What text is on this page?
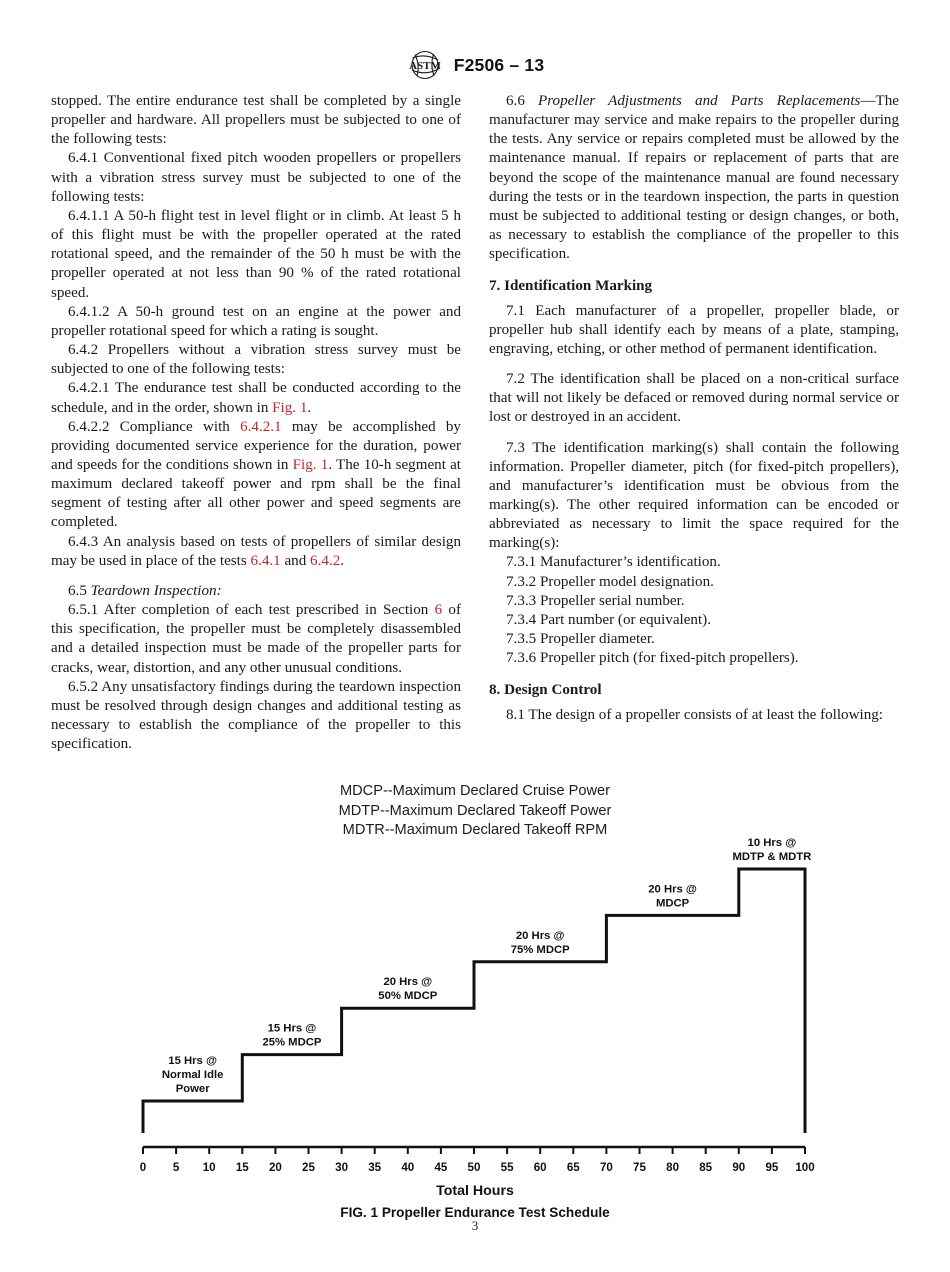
ASTM F2506 – 13

stopped. The entire endurance test shall be completed by a single propeller and hardware. All propellers must be subjected to one of the following tests:

6.4.1 Conventional fixed pitch wooden propellers or propellers with a vibration stress survey must be subjected to one of the following tests:

6.4.1.1 A 50-h flight test in level flight or in climb. At least 5 h of this flight must be with the propeller operated at the rated rotational speed, and the remainder of the 50 h must be with the propeller operated at not less than 90 % of the rated rotational speed.

6.4.1.2 A 50-h ground test on an engine at the power and propeller rotational speed for which a rating is sought.

6.4.2 Propellers without a vibration stress survey must be subjected to one of the following tests:

6.4.2.1 The endurance test shall be conducted according to the schedule, and in the order, shown in Fig. 1.

6.4.2.2 Compliance with 6.4.2.1 may be accomplished by providing documented service experience for the duration, power and speeds for the conditions shown in Fig. 1. The 10-h segment at maximum declared takeoff power and rpm shall be the final segment of testing after all other power and speed segments are completed.

6.4.3 An analysis based on tests of propellers of similar design may be used in place of the tests 6.4.1 and 6.4.2.

6.5 Teardown Inspection:

6.5.1 After completion of each test prescribed in Section 6 of this specification, the propeller must be completely disassembled and a detailed inspection must be made of the propeller parts for cracks, wear, distortion, and any other unusual conditions.

6.5.2 Any unsatisfactory findings during the teardown inspection must be resolved through design changes and additional testing as necessary to establish the compliance of the propeller to this specification.

6.6 Propeller Adjustments and Parts Replacements—The manufacturer may service and make repairs to the propeller during the tests. Any service or repairs completed must be allowed by the maintenance manual. If repairs or replacement of parts that are beyond the scope of the maintenance manual are found necessary during the tests or in the teardown inspection, the parts in question must be subjected to additional testing or design changes, or both, as necessary to establish the compliance of the propeller to this specification.

7. Identification Marking

7.1 Each manufacturer of a propeller, propeller blade, or propeller hub shall identify each by means of a plate, stamping, engraving, etching, or other method of permanent identification.

7.2 The identification shall be placed on a non-critical surface that will not likely be defaced or removed during normal service or lost or destroyed in an accident.

7.3 The identification marking(s) shall contain the following information. Propeller diameter, pitch (for fixed-pitch propellers), and manufacturer’s identification must be obvious from the marking(s). The other required information can be encoded or abbreviated as necessary to limit the space required for the marking(s):

7.3.1 Manufacturer’s identification.

7.3.2 Propeller model designation.

7.3.3 Propeller serial number.

7.3.4 Part number (or equivalent).

7.3.5 Propeller diameter.

7.3.6 Propeller pitch (for fixed-pitch propellers).

8. Design Control

8.1 The design of a propeller consists of at least the following:

MDCP--Maximum Declared Cruise Power
MDTP--Maximum Declared Takeoff Power
MDTR--Maximum Declared Takeoff RPM
0 5 10 15 20 25 30 35 40 45 50 55 60 65 70 75 80 85 90 95 100
15 Hrs @
Normal Idle
Power
15 Hrs @
25% MDCP
20 Hrs @
50% MDCP
20 Hrs @
75% MDCP
20 Hrs @
MDCP
10 Hrs @
MDTP & MDTR
Total Hours
FIG. 1 Propeller Endurance Test Schedule
3
